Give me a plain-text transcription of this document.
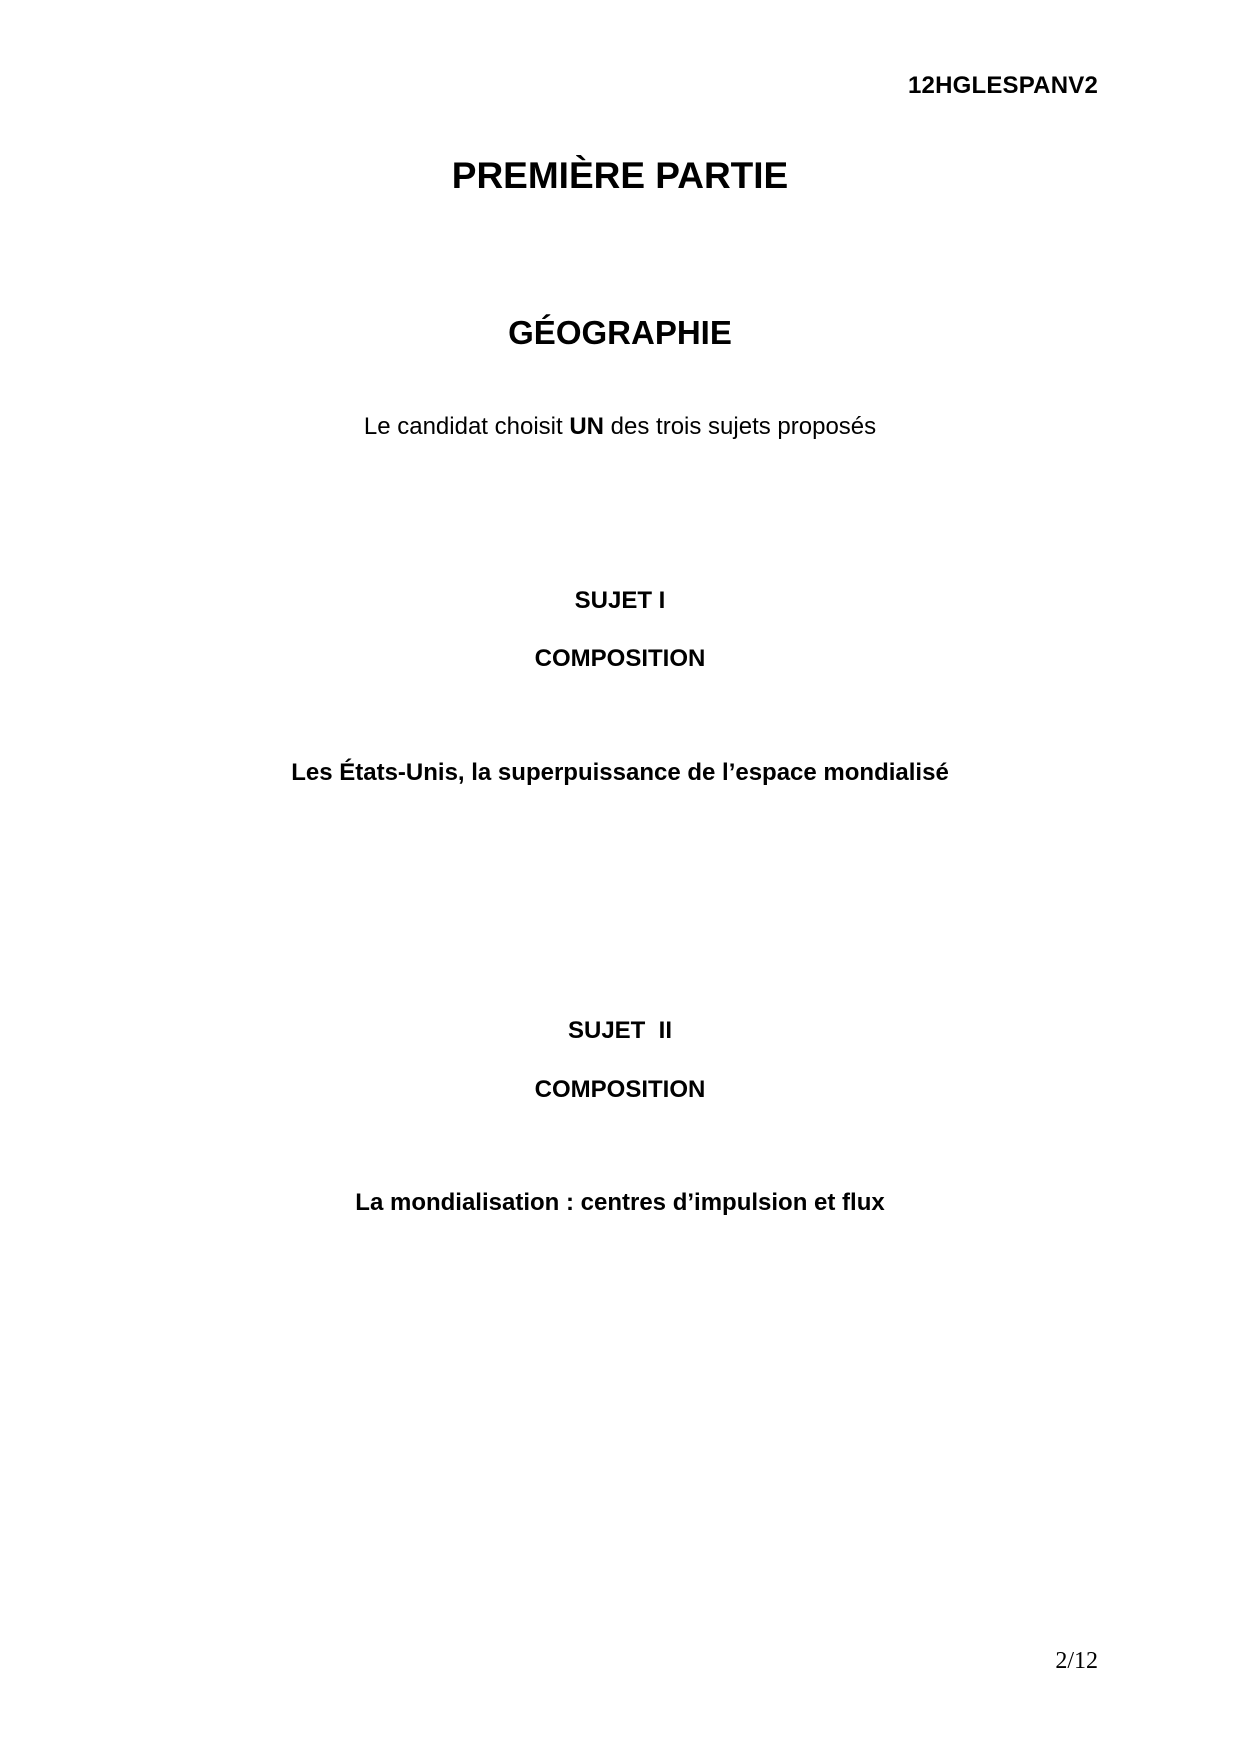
12HGLESPANV2

PREMIÈRE PARTIE
GÉOGRAPHIE

Le candidat choisit UN des trois sujets proposés

SUJET I

COMPOSITION

Les États-Unis, la superpuissance de l’espace mondialisé

SUJET  II

COMPOSITION

La mondialisation : centres d’impulsion et flux

2/12
